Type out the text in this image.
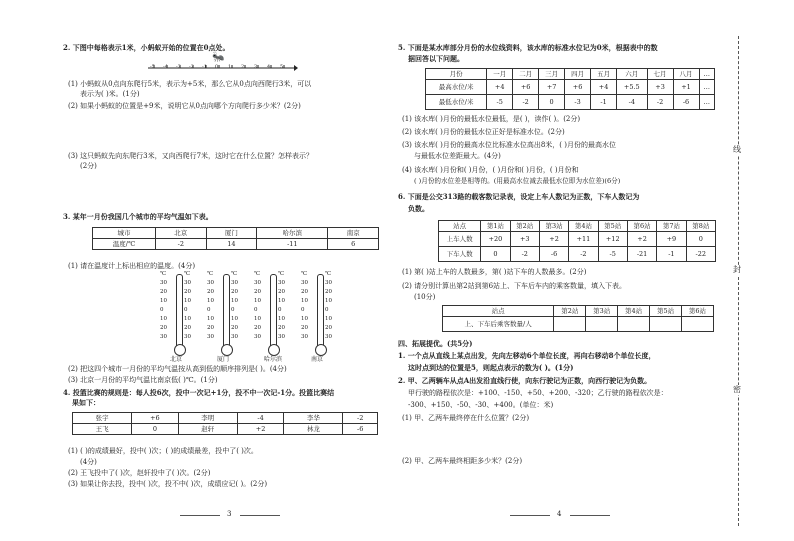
2. 下图中每格表示1米，小蚂蚁开始的位置在0点处。
🐜
-5 -4 -3 -2 -1 0 1 2 3 4 5
(1) 小蚂蚁从0点向东爬行5米，表示为+5米，那么它从0点向西爬行3米，可以
表示为( )米。(1分)
(2) 如果小蚂蚁的位置是+9米，说明它从0点向哪个方向爬行多少米？(2分)
(3) 这只蚂蚁先向东爬行3米，又向西爬行7米，这时它在什么位置？怎样表示？
(2分)
3. 某年一月份我国几个城市的平均气温如下表。
城市	北京	厦门	哈尔滨	南京
温度/℃	-2	14	-11	6
(1) 请在温度计上标出相应的温度。(4分)
℃	℃
30	30
20	20
10	10
0	0
10	10
20	20
30	30
北京
℃	℃
30	30
20	20
10	10
0	0
10	10
20	20
30	30
厦门
℃	℃
30	30
20	20
10	10
0	0
10	10
20	20
30	30
哈尔滨
℃	℃
30	30
20	20
10	10
0	0
10	10
20	20
30	30
南京
(2) 把这四个城市一月份的平均气温按从高到低的顺序排列是( )。(4分)
(3) 北京一月份的平均气温比南京低( )℃。(1分)
4. 投篮比赛的规则是：每人投6次，投中一次记+1分，投不中一次记-1分。投篮比赛结
果如下：
张宇	+6	李明	-4	李华	-2
王飞	0	赵轩	+2	林龙	-6
(1) ( )的成绩最好，投中( )次；( )的成绩最差，投中了( )次。
(4分)
(2) 王飞投中了( )次，赵轩投中了( )次。(2分)
(3) 如果让你去投，投中( )次，投不中( )次，成绩应记( )。(2分)
3
5. 下面是某水库部分月份的水位线资料，该水库的标准水位记为0米，根据表中的数
据回答以下问题。
月份	一月	二月	三月	四月	五月	六月	七月	八月	…
最高水位/米	+4	+6	+7	+6	+4	+5.5	+3	+1	…
最低水位/米	-5	-2	0	-3	-1	-4	-2	-6	…
(1) 该水库( )月份的最低水位最低，是( )，读作( )。(2分)
(2) 该水库( )月份的最低水位正好是标准水位。(2分)
(3) 该水库( )月份的最高水位比标准水位高出8米，( )月份的最高水位
与最低水位差距最大。(4分)
(4) 该水库( )月份和( )月份，( )月份和( )月份，( )月份和
( )月份的水位差是相等的。(用最高水位减去最低水位即为水位差)(6分)
6. 下面是公交313路的载客数记录表，设定上车人数记为正数，下车人数记为
负数。
站点	第1站	第2站	第3站	第4站	第5站	第6站	第7站	第8站
上车人数	+20	+3	+2	+11	+12	+2	+9	0
下车人数	0	-2	-6	-2	-5	-21	-1	-22
(1) 第( )站上车的人数最多，第( )站下车的人数最多。(2分)
(2) 请分别计算出第2站到第6站上、下车后车内的乘客数量，填入下表。
(10分)
站点	第2站	第3站	第4站	第5站	第6站
上、下车后乘客数量/人					
四、拓展提优。(共5分)
1. 一个点从直线上某点出发，先向左移动6个单位长度，再向右移动8个单位长度，
这时点到达的位置是5，则起点表示的数为( )。(1分)
2. 甲、乙两辆车从点A出发沿直线行使，向东行驶记为正数，向西行驶记为负数。
甲行驶的路程依次是：+100、-150、+50、+200、-320；乙行驶的路程依次是：
-300、+150、-50、-30、+400。(单位：米)
(1) 甲、乙两车最终停在什么位置？(2分)
(2) 甲、乙两车最终相距多少米？(2分)
4
线
封
密
